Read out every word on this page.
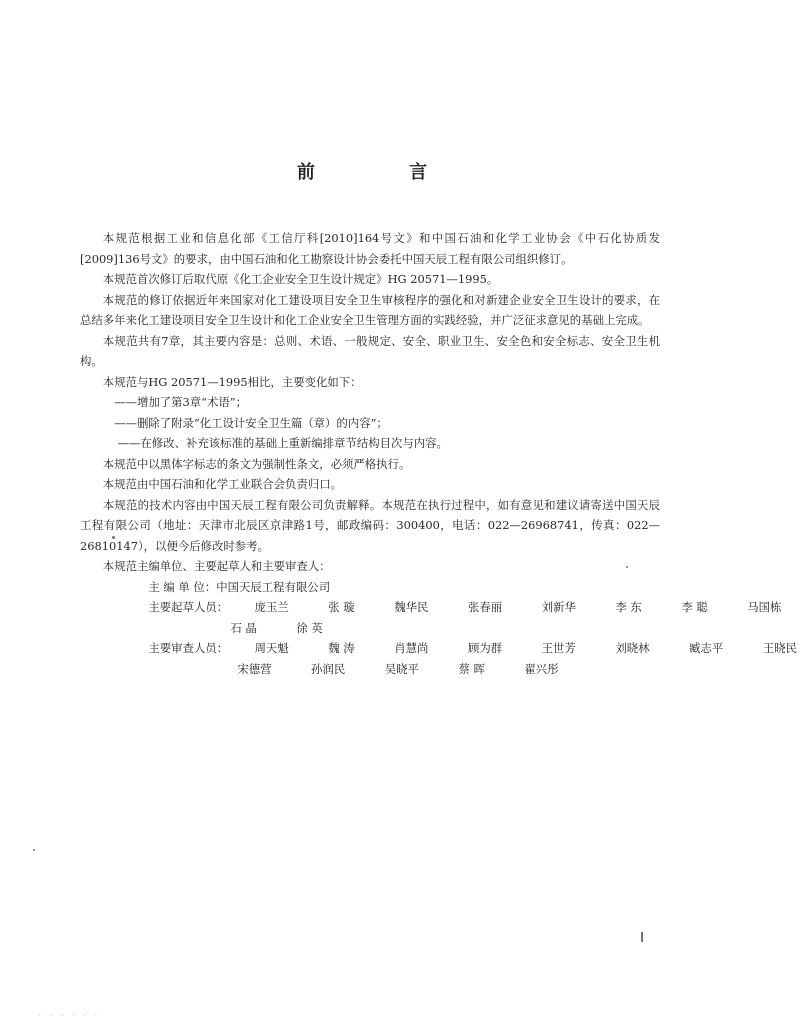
前 言

本规范根据工业和信息化部《工信厅科[2010]164号文》和中国石油和化学工业协会《中石化协质发[2009]136号文》的要求，由中国石油和化工勘察设计协会委托中国天辰工程有限公司组织修订。

本规范首次修订后取代原《化工企业安全卫生设计规定》HG 20571—1995。

本规范的修订依据近年来国家对化工建设项目安全卫生审核程序的强化和对新建企业安全卫生设计的要求，在总结多年来化工建设项目安全卫生设计和化工企业安全卫生管理方面的实践经验，并广泛征求意见的基础上完成。

本规范共有7章，其主要内容是：总则、术语、一般规定、安全、职业卫生、安全色和安全标志、安全卫生机构。

本规范与HG 20571—1995相比，主要变化如下：

——增加了第3章“术语”；

——删除了附录“化工设计安全卫生篇（章）的内容”；

——在修改、补充该标准的基础上重新编排章节结构目次与内容。

本规范中以黑体字标志的条文为强制性条文，必须严格执行。

本规范由中国石油和化学工业联合会负责归口。

本规范的技术内容由中国天辰工程有限公司负责解释。本规范在执行过程中，如有意见和建议请寄送中国天辰工程有限公司（地址：天津市北辰区京津路1号，邮政编码：300400，电话：022—26968741，传真：022—26810147），以便今后修改时参考。

本规范主编单位、主要起草人和主要审查人：

主 编 单 位：中国天辰工程有限公司

主要起草人员： 庞玉兰	张 璇	魏华民	张春丽	刘新华	李 东	李 聪	马国栋

石 晶	徐 英

主要审查人员： 周天魁	魏 涛	肖慧尚	顾为群	王世芳	刘晓林	臧志平	王晓民

宋德营	孙润民	吴晓平	蔡 晖	翟兴彤

Ⅰ
· · · · · ·
